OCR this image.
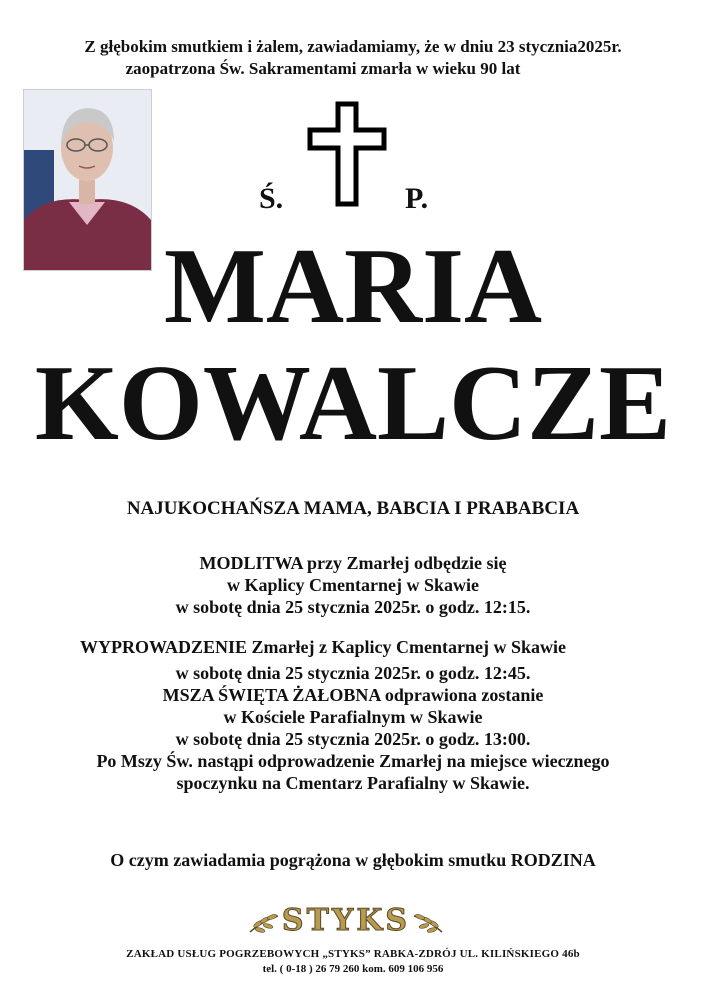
Z głębokim smutkiem i żalem, zawiadamiamy, że w dniu 23 stycznia2025r.
zaopatrzona Św. Sakramentami zmarła w wieku 90 lat
Ś.	P.
MARIA
KOWALCZE
NAJUKOCHAŃSZA MAMA, BABCIA I PRABABCIA
MODLITWA przy Zmarłej odbędzie się
w Kaplicy Cmentarnej w Skawie
w sobotę dnia 25 stycznia 2025r. o godz. 12:15.
WYPROWADZENIE Zmarłej z Kaplicy Cmentarnej w Skawie
w sobotę dnia 25 stycznia 2025r. o godz. 12:45.
MSZA ŚWIĘTA ŻAŁOBNA odprawiona zostanie
w Kościele Parafialnym w Skawie
w sobotę dnia 25 stycznia 2025r. o godz. 13:00.
Po Mszy Św. nastąpi odprowadzenie Zmarłej na miejsce wiecznego
spoczynku na Cmentarz Parafialny w Skawie.
O czym zawiadamia pogrążona w głębokim smutku RODZINA
STYKS
ZAKŁAD USŁUG POGRZEBOWYCH „STYKS” RABKA-ZDRÓJ UL. KILIŃSKIEGO 46b
tel. ( 0-18 ) 26 79 260 kom. 609 106 956
